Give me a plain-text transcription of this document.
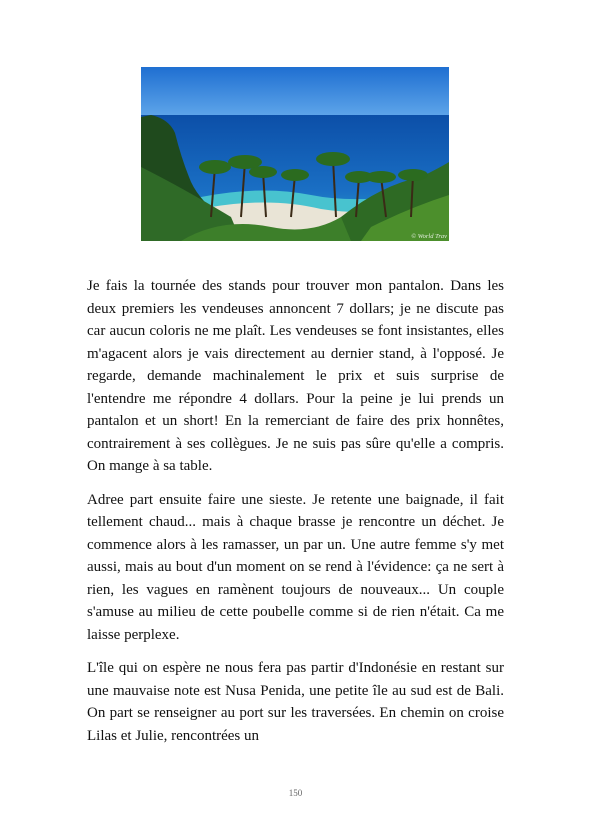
© World Trav

Je fais la tournée des stands pour trouver mon pantalon. Dans les deux premiers les vendeuses annoncent 7 dollars; je ne discute pas car aucun coloris ne me plaît. Les vendeuses se font insistantes, elles m'agacent alors je vais directement au dernier stand, à l'opposé. Je regarde, demande machinalement le prix et suis surprise de l'entendre me répondre 4 dollars. Pour la peine je lui prends un pantalon et un short! En la remerciant de faire des prix honnêtes, contrairement à ses collègues. Je ne suis pas sûre qu'elle a compris. On mange à sa table.

Adree part ensuite faire une sieste. Je retente une baignade, il fait tellement chaud... mais à chaque brasse je rencontre un déchet. Je commence alors à les ramasser, un par un. Une autre femme s'y met aussi, mais au bout d'un moment on se rend à l'évidence: ça ne sert à rien, les vagues en ramènent toujours de nouveaux... Un couple s'amuse au milieu de cette poubelle comme si de rien n'était. Ca me laisse perplexe.

L'île qui on espère ne nous fera pas partir d'Indonésie en restant sur une mauvaise note est Nusa Penida, une petite île au sud est de Bali. On part se renseigner au port sur les traversées. En chemin on croise Lilas et Julie, rencontrées un

150
